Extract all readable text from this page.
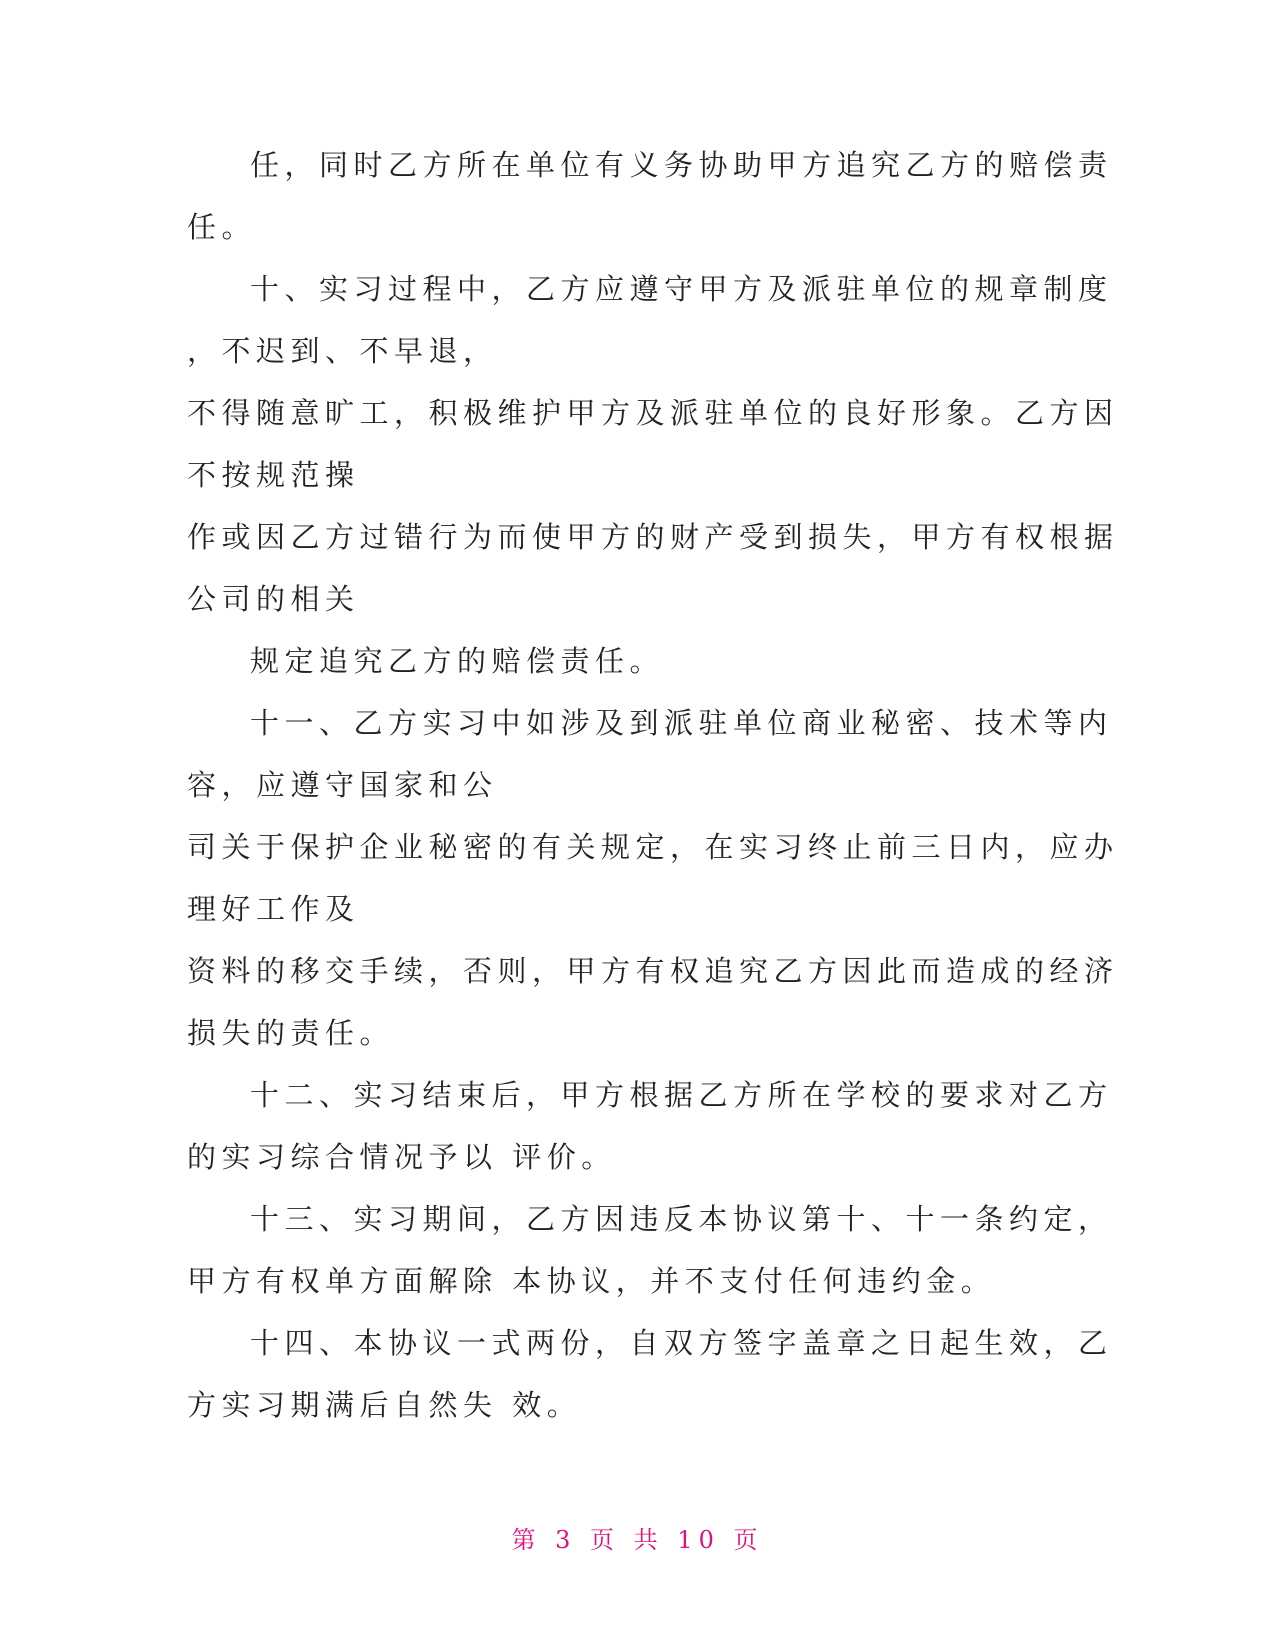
任，同时乙方所在单位有义务协助甲方追究乙方的赔偿责
任。
十、实习过程中，乙方应遵守甲方及派驻单位的规章制度
，不迟到、不早退，
不得随意旷工，积极维护甲方及派驻单位的良好形象。乙方因
不按规范操
作或因乙方过错行为而使甲方的财产受到损失，甲方有权根据
公司的相关
规定追究乙方的赔偿责任。
十一、乙方实习中如涉及到派驻单位商业秘密、技术等内
容，应遵守国家和公
司关于保护企业秘密的有关规定，在实习终止前三日内，应办
理好工作及
资料的移交手续，否则，甲方有权追究乙方因此而造成的经济
损失的责任。
十二、实习结束后，甲方根据乙方所在学校的要求对乙方
的实习综合情况予以 评价。
十三、实习期间，乙方因违反本协议第十、十一条约定，
甲方有权单方面解除 本协议，并不支付任何违约金。
十四、本协议一式两份，自双方签字盖章之日起生效，乙
方实习期满后自然失 效。
第 3 页 共 10 页
